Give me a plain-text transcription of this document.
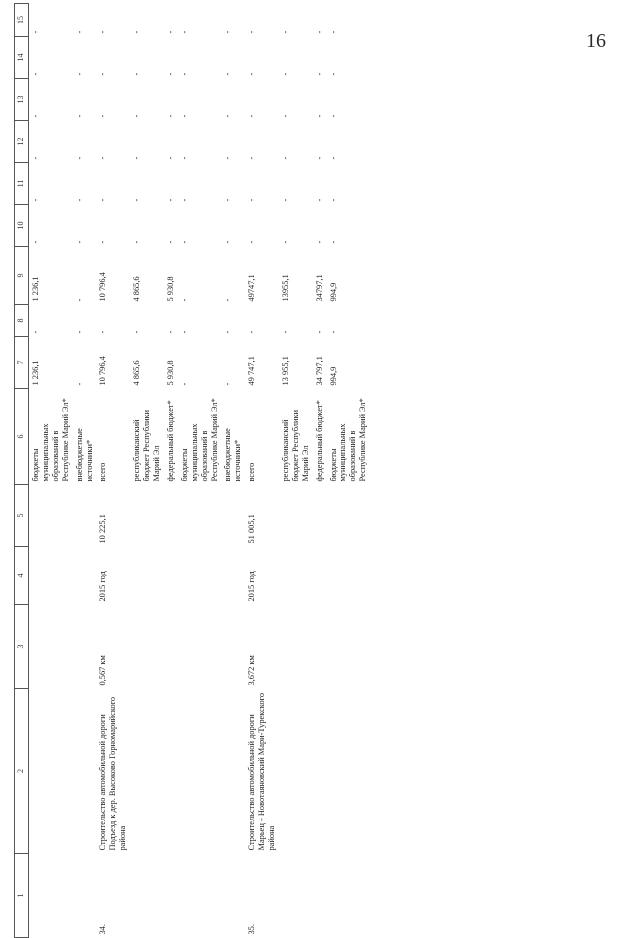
16
1	2	3	4	5	6	7	8	9	10	11	12	13	14	15
					бюджеты муниципальных образований в Республике Марий Эл*	1 236,1	-	1 236,1	-	-	-	-	-	-
					внебюджетные источники*	-	-	-	-	-	-	-	-	-
34.	Строительство автомобильной дороги Подъезд к дер. Высоково Горномарийского района	0,567 км	2015 год	10 225,1	всего	10 796,4	-	10 796,4	-	-	-	-	-	-
					республиканский бюджет Республики Марий Эл	4 865,6	-	4 865,6	-	-	-	-	-	-
					федеральный бюджет*	5 930,8	-	5 930,8	-	-	-	-	-	-
					бюджеты муниципальных образований в Республике Марий Эл*	-	-	-	-	-	-	-	-	-
					внебюджетные источники*	-	-	-	-	-	-	-	-	-
35.	Строительство автомобильной дороги Марьец - Новотаяновский Мари-Турекского района	3,672 км	2015 год	51 005,1	всего	49 747,1	-	49747,1	-	-	-	-	-	-
					республиканский бюджет Республики Марий Эл	13 955,1	-	13955,1	-	-	-	-	-	-
					федеральный бюджет*	34 797,1	-	34797,1	-	-	-	-	-	-
					бюджеты муниципальных образований в Республике Марий Эл*	994,9	-	994,9	-	-	-	-	-	-
